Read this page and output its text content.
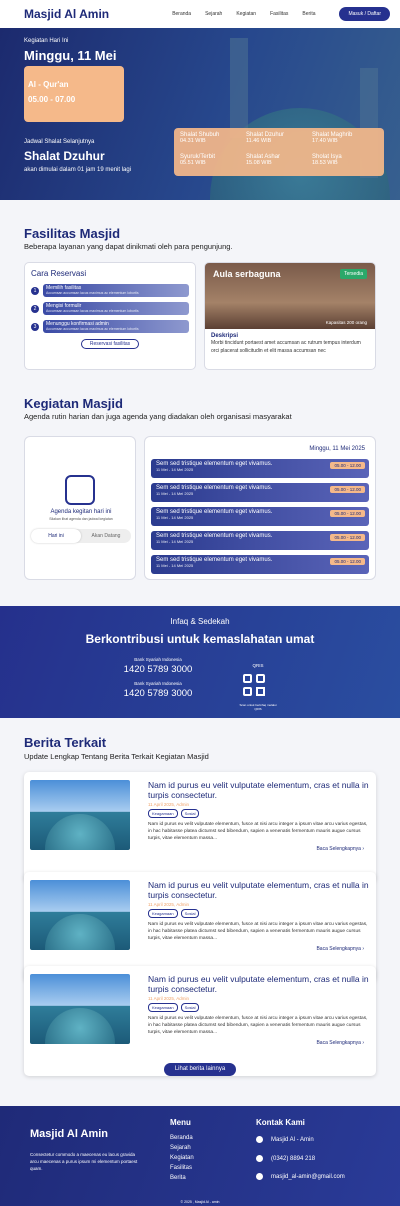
Masjid Al Amin	Beranda	Sejarah	Kegiatan	Fasilitas	Berita	Masuk / Daftar
Kegiatan Hari Ini
Minggu, 11 Mei
Al - Qur'an
05.00 - 07.00
Jadwal Shalat Selanjutnya
Shalat Dzuhur
akan dimulai dalam 01 jam 19 menit lagi
Shalat Shubuh
04.31 WIB
Shalat Dzuhur
11.46 WIB
Shalat Maghrib
17.40 WIB
Syuruk/Terbit
05.51 WIB
Shalat Ashar
15.08 WIB
Sholat Isya
18.53 WIB
Fasilitas Masjid
Beberapa layanan yang dapat dinikmati oleh para pengunjung.
Cara Reservasi
1	Memilih fasilitas
Accumsan accumsan lacus maximus ac elementum lobortis
2	Mengisi formulir
Accumsan accumsan lacus maximus ac elementum lobortis
3	Menunggu konfirmasi admin
Accumsan accumsan lacus maximus ac elementum lobortis
Reservasi fasilitas
Aula serbaguna	Tersedia
Kapasitas 200 orang
Deskripsi
Morbi tincidunt portaest amet accumsan ac rutrum tempus interdum orci placerat sollicitudin et elit massa accumsan nec
Kegiatan Masjid
Agenda rutin harian dan juga agenda yang diadakan oleh organisasi masyarakat
Agenda kegitan hari ini
Silakan lihat agenda dan jadwal kegiatan
Hari ini	Akan Datang
Minggu, 11 Mei 2025
Sem sed tristique elementum eget vivamus.
11 Mei - 14 Mei 2025
05.00 - 12.00
Sem sed tristique elementum eget vivamus.
11 Mei - 14 Mei 2025
05.00 - 12.00
Sem sed tristique elementum eget vivamus.
11 Mei - 14 Mei 2025
05.00 - 12.00
Sem sed tristique elementum eget vivamus.
11 Mei - 14 Mei 2025
05.00 - 12.00
Sem sed tristique elementum eget vivamus.
11 Mei - 14 Mei 2025
05.00 - 12.00
Infaq & Sedekah
Berkontribusi untuk kemaslahatan umat
Bank Syariah Indonesia
1420 5789 3000
Bank Syariah Indonesia
1420 5789 3000
QRIS
Scan untuk berinfaq melalui QRIS
Berita Terkait
Update Lengkap Tentang Berita Terkait Kegiatan Masjid
Nam id purus eu velit vulputate elementum, cras et nulla in turpis consectetur.
11 April 2025, Admin
Keagamaan	Sosial
Nam id purus eu velit vulputate elementum, fusce at nisi arcu integer a ipsum vitae arcu varius egestas, in hac habitasse platea dictumst sed bibendum, sapien a venenatis fermentum mauris augue cursus turpis, vitae elementum massa...
Baca Selengkapnya ›
Nam id purus eu velit vulputate elementum, cras et nulla in turpis consectetur.
11 April 2025, Admin
Keagamaan	Sosial
Nam id purus eu velit vulputate elementum, fusce at nisi arcu integer a ipsum vitae arcu varius egestas, in hac habitasse platea dictumst sed bibendum, sapien a venenatis fermentum mauris augue cursus turpis, vitae elementum massa...
Baca Selengkapnya ›
Nam id purus eu velit vulputate elementum, cras et nulla in turpis consectetur.
11 April 2025, Admin
Keagamaan	Sosial
Nam id purus eu velit vulputate elementum, fusce at nisi arcu integer a ipsum vitae arcu varius egestas, in hac habitasse platea dictumst sed bibendum, sapien a venenatis fermentum mauris augue cursus turpis, vitae elementum massa...
Baca Selengkapnya ›
Lihat berita lainnya
Masjid Al Amin
Consectetur commodo a maecenas eu lacus gravida arcu maecenas a purus ipsum mi elementum portaest quam.
Menu
Beranda
Sejarah
Kegiatan
Fasilitas
Berita
Kontak Kami
Masjid Al - Amin
(0342) 8894 218
masjid_al-amin@gmail.com
© 2025 , Masjid Al - amin
